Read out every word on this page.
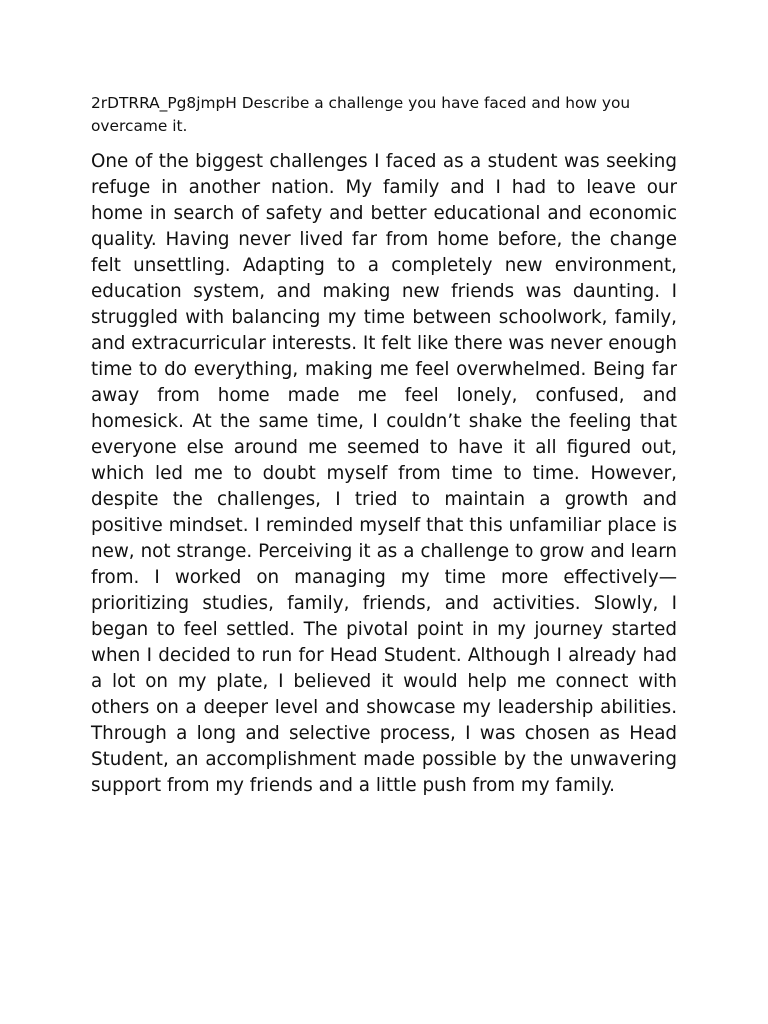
2rDTRRA_Pg8jmpH Describe a challenge you have faced and how you overcame it.

One of the biggest challenges I faced as a student was seeking refuge in another nation. My family and I had to leave our home in search of safety and better educational and economic quality. Having never lived far from home before, the change felt unsettling. Adapting to a completely new environment, education system, and making new friends was daunting. I struggled with balancing my time between schoolwork, family, and extracurricular interests. It felt like there was never enough time to do everything, making me feel overwhelmed. Being far away from home made me feel lonely, confused, and homesick. At the same time, I couldn’t shake the feeling that everyone else around me seemed to have it all figured out, which led me to doubt myself from time to time. However, despite the challenges, I tried to maintain a growth and positive mindset. I reminded myself that this unfamiliar place is new, not strange. Perceiving it as a challenge to grow and learn from. I worked on managing my time more effectively—prioritizing studies, family, friends, and activities. Slowly, I began to feel settled. The pivotal point in my journey started when I decided to run for Head Student. Although I already had a lot on my plate, I believed it would help me connect with others on a deeper level and showcase my leadership abilities. Through a long and selective process, I was chosen as Head Student, an accomplishment made possible by the unwavering support from my friends and a little push from my family.
